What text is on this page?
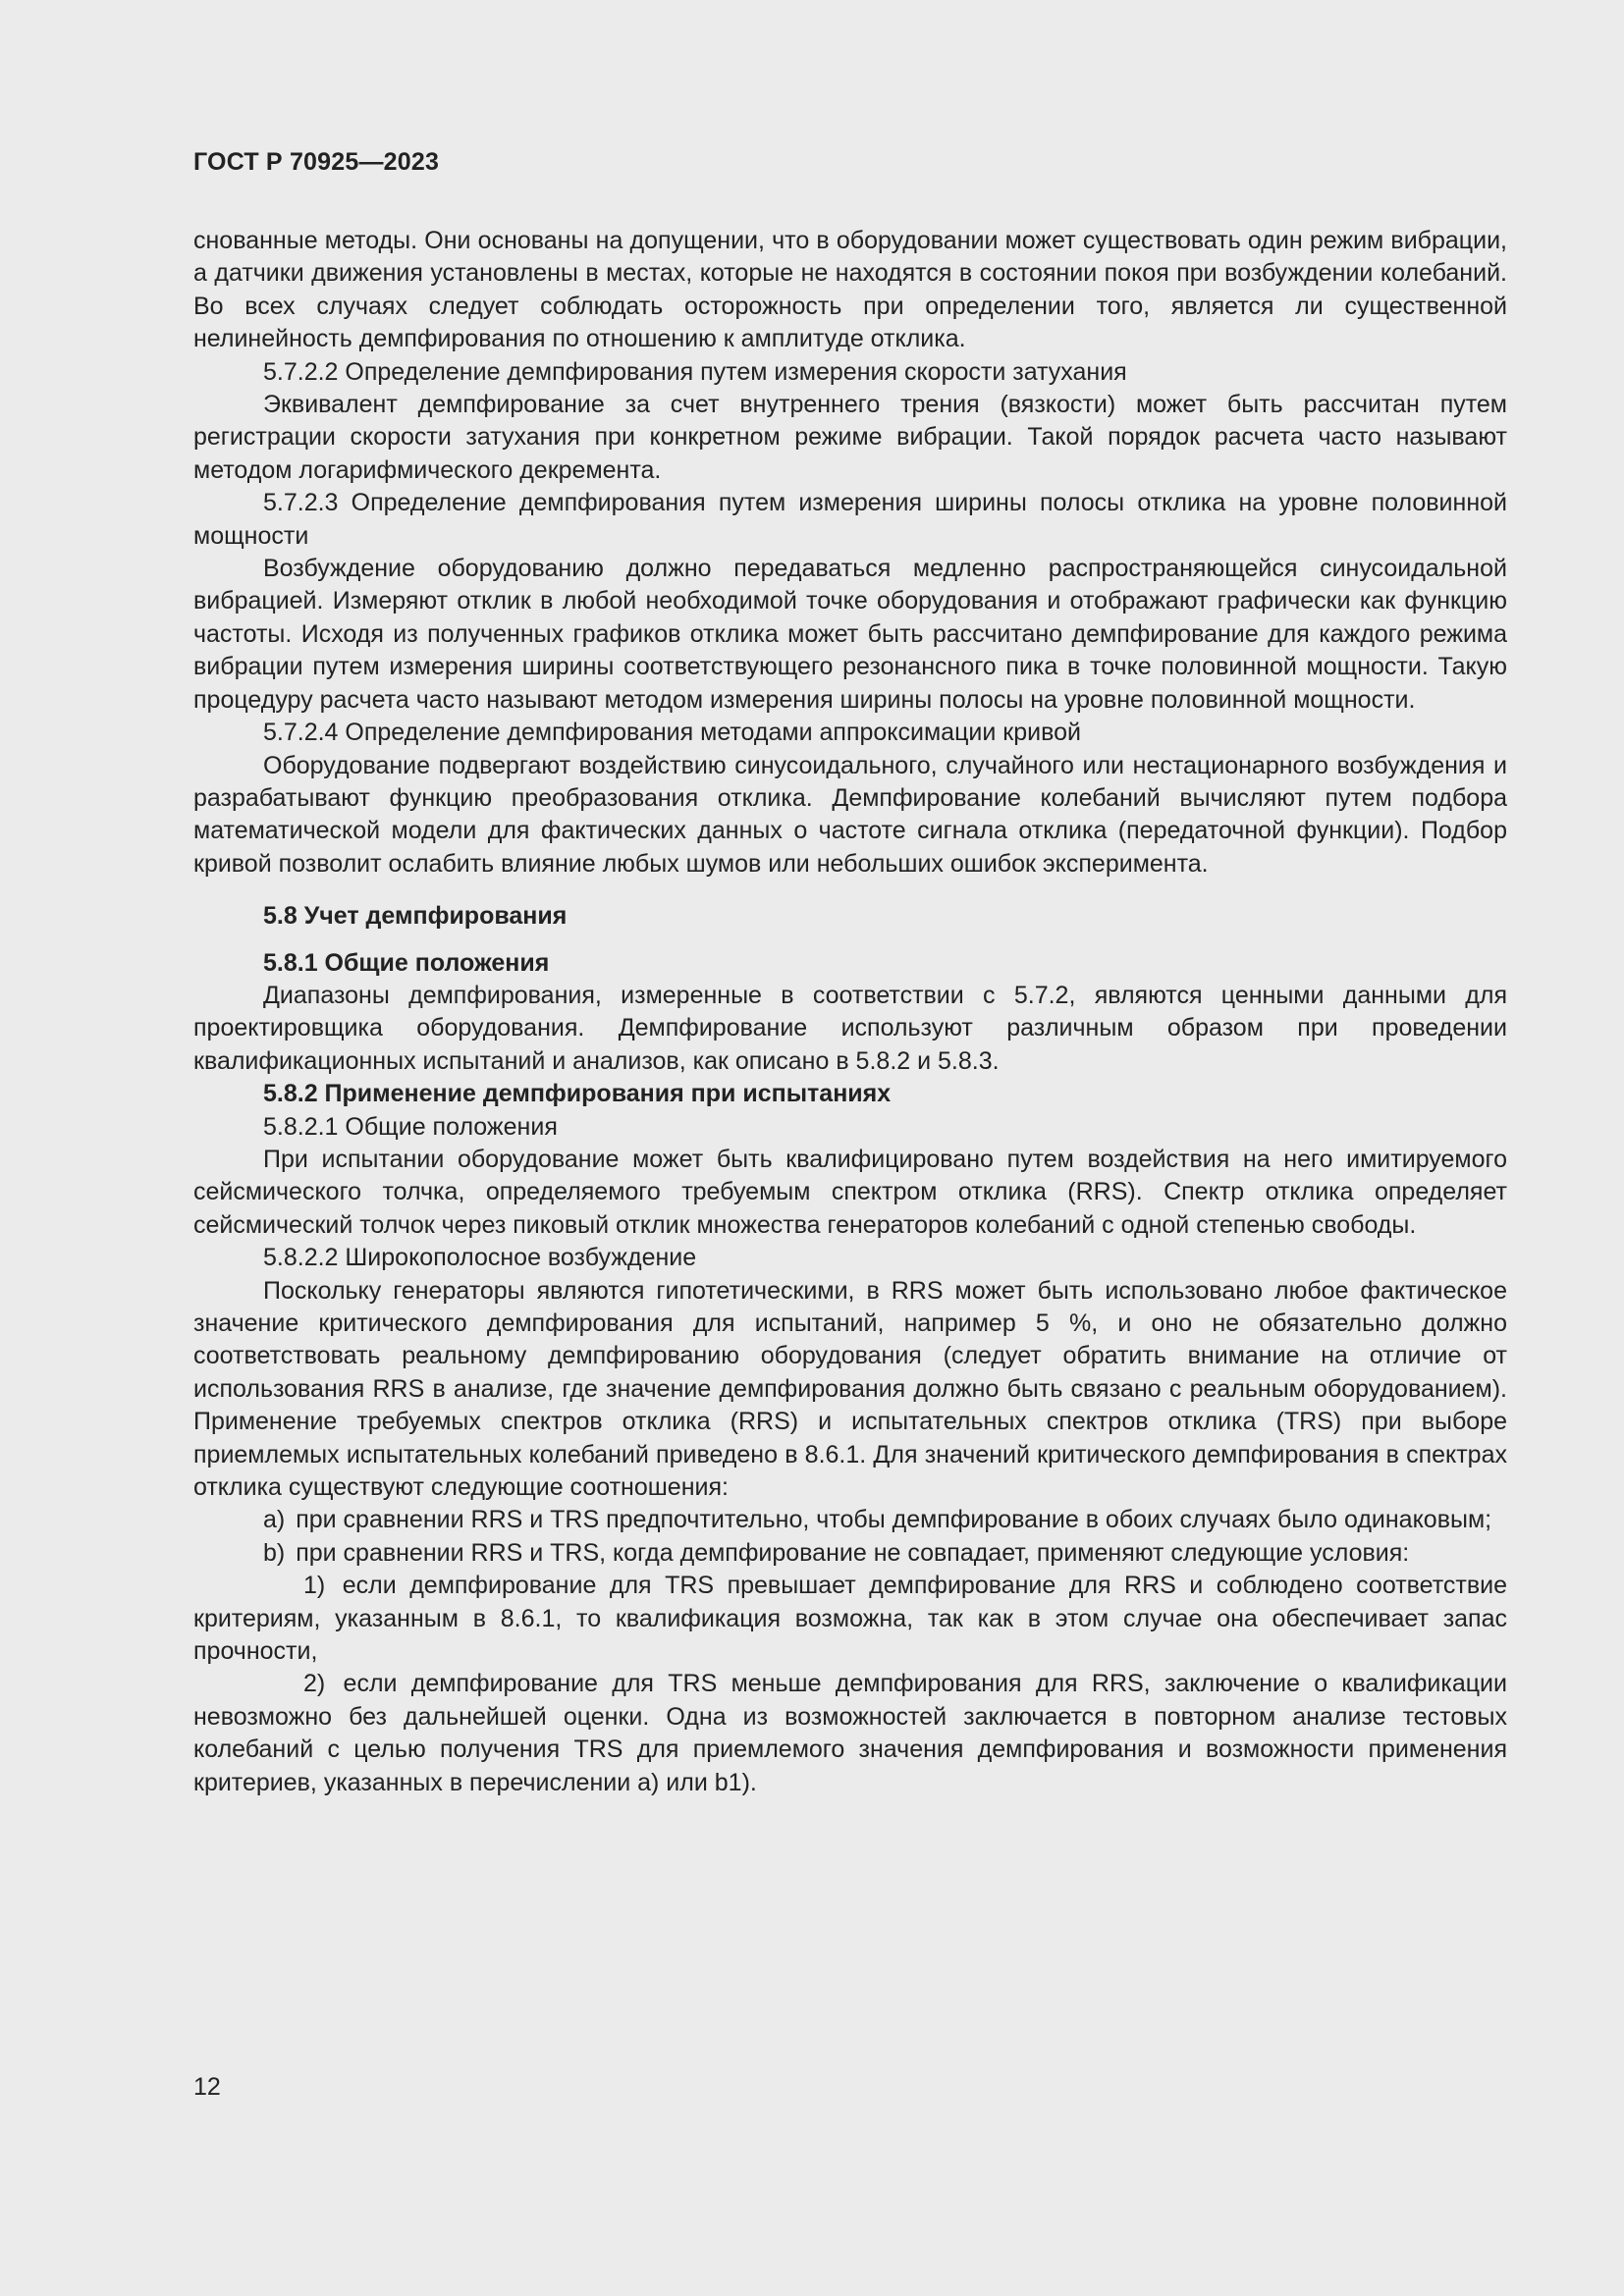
ГОСТ Р 70925—2023

снованные методы. Они основаны на допущении, что в оборудовании может существовать один режим вибрации, а датчики движения установлены в местах, которые не находятся в состоянии покоя при возбуждении колебаний. Во всех случаях следует соблюдать осторожность при определении того, является ли существенной нелинейность демпфирования по отношению к амплитуде отклика.

5.7.2.2 Определение демпфирования путем измерения скорости затухания

Эквивалент демпфирование за счет внутреннего трения (вязкости) может быть рассчитан путем регистрации скорости затухания при конкретном режиме вибрации. Такой порядок расчета часто называют методом логарифмического декремента.

5.7.2.3 Определение демпфирования путем измерения ширины полосы отклика на уровне половинной мощности

Возбуждение оборудованию должно передаваться медленно распространяющейся синусоидальной вибрацией. Измеряют отклик в любой необходимой точке оборудования и отображают графически как функцию частоты. Исходя из полученных графиков отклика может быть рассчитано демпфирование для каждого режима вибрации путем измерения ширины соответствующего резонансного пика в точке половинной мощности. Такую процедуру расчета часто называют методом измерения ширины полосы на уровне половинной мощности.

5.7.2.4 Определение демпфирования методами аппроксимации кривой

Оборудование подвергают воздействию синусоидального, случайного или нестационарного возбуждения и разрабатывают функцию преобразования отклика. Демпфирование колебаний вычисляют путем подбора математической модели для фактических данных о частоте сигнала отклика (передаточной функции). Подбор кривой позволит ослабить влияние любых шумов или небольших ошибок эксперимента.

5.8 Учет демпфирования

5.8.1 Общие положения

Диапазоны демпфирования, измеренные в соответствии с 5.7.2, являются ценными данными для проектировщика оборудования. Демпфирование используют различным образом при проведении квалификационных испытаний и анализов, как описано в 5.8.2 и 5.8.3.

5.8.2 Применение демпфирования при испытаниях

5.8.2.1 Общие положения

При испытании оборудование может быть квалифицировано путем воздействия на него имитируемого сейсмического толчка, определяемого требуемым спектром отклика (RRS). Спектр отклика определяет сейсмический толчок через пиковый отклик множества генераторов колебаний с одной степенью свободы.

5.8.2.2 Широкополосное возбуждение

Поскольку генераторы являются гипотетическими, в RRS может быть использовано любое фактическое значение критического демпфирования для испытаний, например 5 %, и оно не обязательно должно соответствовать реальному демпфированию оборудования (следует обратить внимание на отличие от использования RRS в анализе, где значение демпфирования должно быть связано с реальным оборудованием). Применение требуемых спектров отклика (RRS) и испытательных спектров отклика (TRS) при выборе приемлемых испытательных колебаний приведено в 8.6.1. Для значений критического демпфирования в спектрах отклика существуют следующие соотношения:

a) при сравнении RRS и TRS предпочтительно, чтобы демпфирование в обоих случаях было одинаковым;

b) при сравнении RRS и TRS, когда демпфирование не совпадает, применяют следующие условия:

1) если демпфирование для TRS превышает демпфирование для RRS и соблюдено соответствие критериям, указанным в 8.6.1, то квалификация возможна, так как в этом случае она обеспечивает запас прочности,

2) если демпфирование для TRS меньше демпфирования для RRS, заключение о квалификации невозможно без дальнейшей оценки. Одна из возможностей заключается в повторном анализе тестовых колебаний с целью получения TRS для приемлемого значения демпфирования и возможности применения критериев, указанных в перечислении a) или b1).

12
